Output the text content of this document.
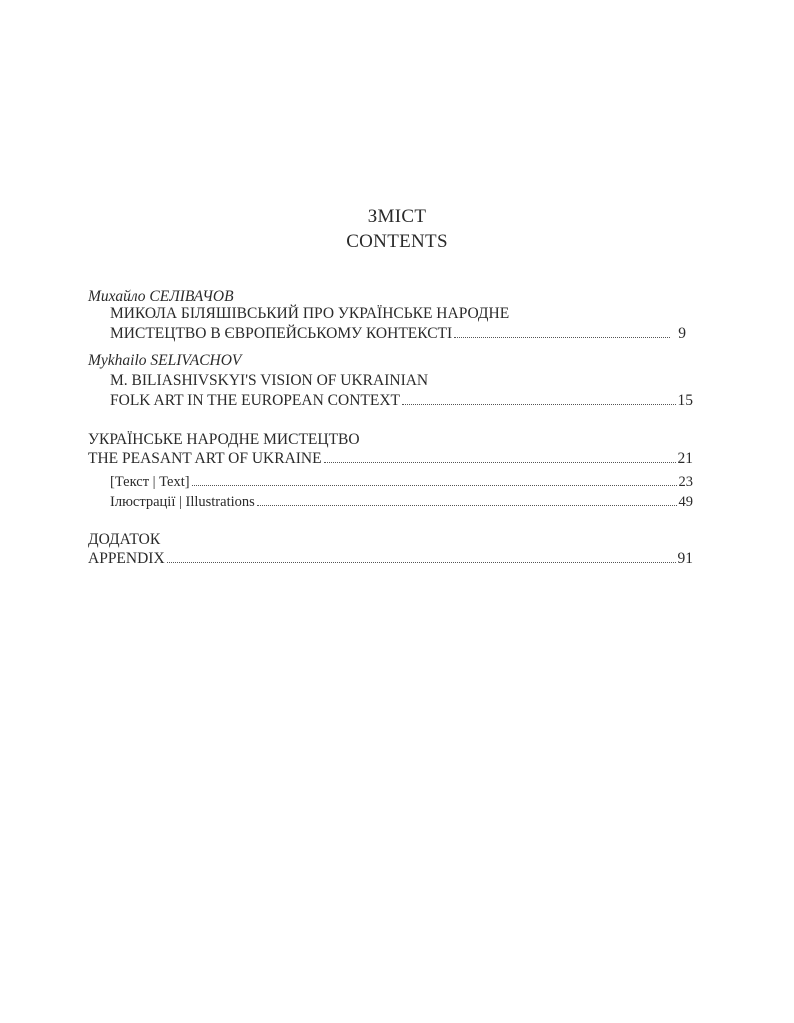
ЗМІСТ
CONTENTS
Михайло СЕЛІВАЧОВ
МИКОЛА БІЛЯШІВСЬКИЙ ПРО УКРАЇНСЬКЕ НАРОДНЕ
МИСТЕЦТВО В ЄВРОПЕЙСЬКОМУ КОНТЕКСТІ	9
Mykhailo SELIVACHOV
M. BILIASHIVSKYI'S VISION OF UKRAINIAN
FOLK ART IN THE EUROPEAN CONTEXT	15
УКРАЇНСЬКЕ НАРОДНЕ МИСТЕЦТВО
THE PEASANT ART OF UKRAINE	21
[Текст | Text]	23
Ілюстрації | Illustrations	49
ДОДАТОК
APPENDIX	91
